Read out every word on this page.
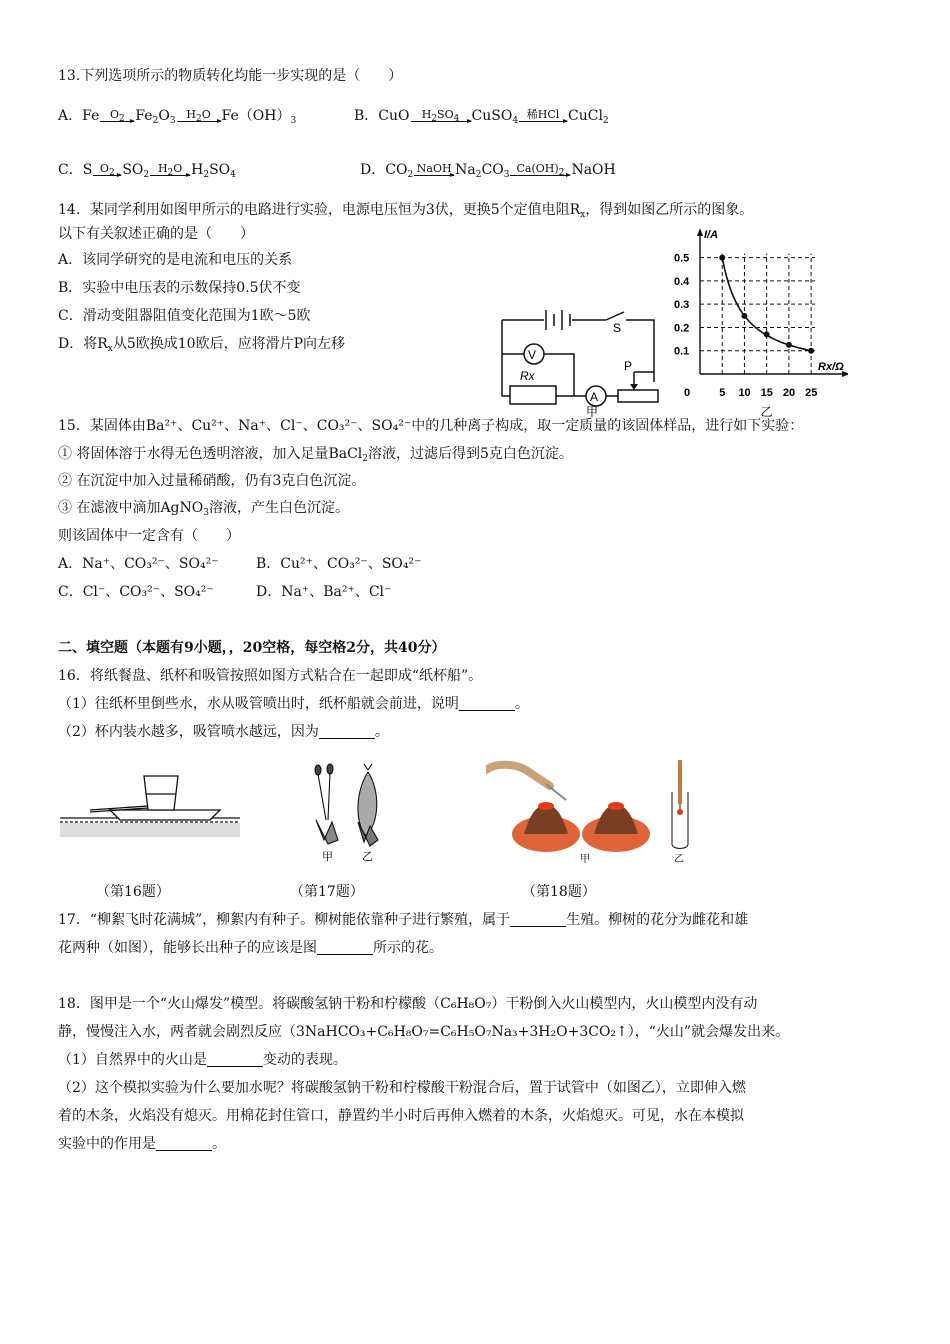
13.下列选项所示的物质转化均能一步实现的是（　　）
A．Fe $O_2$ $Fe_2O_3$ $H_2O$ $Fe(OH)_3$	B．CuO	$H_2SO_4$ CuSO$_4$ 稀HCl CuCl$_2$
C．S $O_2$ $SO_2$ $H_2O$ $H_2SO_4$	D．$CO_2$ NaOH $Na_2CO_3$ $Ca(OH)_2$ NaOH
14．某同学利用如图甲所示的电路进行实验，电源电压恒为3伏，更换5个定值电阻$R_x$，得到如图乙所示的图象。
以下有关叙述正确的是（　　）
A．该同学研究的是电流和电压的关系
B．实验中电压表的示数保持0.5伏不变
C．滑动变阻器阻值变化范围为1欧～5欧
D．将$R_x$从5欧换成10欧后，应将滑片P向左移
S
V
Rx
A
P
甲
0.1
0.2
0.3
0.4
0.5
5 10 15 20 25
I/A
Rx/Ω
0
乙
15．某固体由Ba²⁺、Cu²⁺、Na⁺、Cl⁻、CO₃²⁻、SO₄²⁻中的几种离子构成，取一定质量的该固体样品，进行如下实验：
① 将固体溶于水得无色透明溶液，加入足量BaCl$_2$溶液，过滤后得到5克白色沉淀。
② 在沉淀中加入过量稀硝酸，仍有3克白色沉淀。
③ 在滤液中滴加AgNO$_3$溶液，产生白色沉淀。
则该固体中一定含有（　　）
A．Na⁺、CO₃²⁻、SO₄²⁻	B．Cu²⁺、CO₃²⁻、SO₄²⁻
C．Cl⁻、CO₃²⁻、SO₄²⁻	D．Na⁺、Ba²⁺、Cl⁻
二、填空题（本题有9小题，，20空格，每空格2分，共40分）
16．将纸餐盘、纸杯和吸管按照如图方式粘合在一起即成“纸杯船”。
（1）往纸杯里倒些水，水从吸管喷出时，纸杯船就会前进，说明	。
（2）杯内装水越多，吸管喷水越远，因为	。
甲	乙	甲	乙
（第16题）	（第17题）	（第18题）
17．“柳絮飞时花满城”，柳絮内有种子。柳树能依靠种子进行繁殖，属于	生殖。柳树的花分为雌花和雄
花两种（如图），能够长出种子的应该是图	所示的花。
18．图甲是一个“火山爆发”模型。将碳酸氢钠干粉和柠檬酸（C₆H₈O₇）干粉倒入火山模型内，火山模型内没有动
静，慢慢注入水，两者就会剧烈反应（3NaHCO₃+C₆H₈O₇=C₆H₅O₇Na₃+3H₂O+3CO₂↑），“火山”就会爆发出来。
（1）自然界中的火山是	变动的表现。
（2）这个模拟实验为什么要加水呢？将碳酸氢钠干粉和柠檬酸干粉混合后，置于试管中（如图乙），立即伸入燃
着的木条，火焰没有熄灭。用棉花封住管口，静置约半小时后再伸入燃着的木条，火焰熄灭。可见，水在本模拟
实验中的作用是	。
